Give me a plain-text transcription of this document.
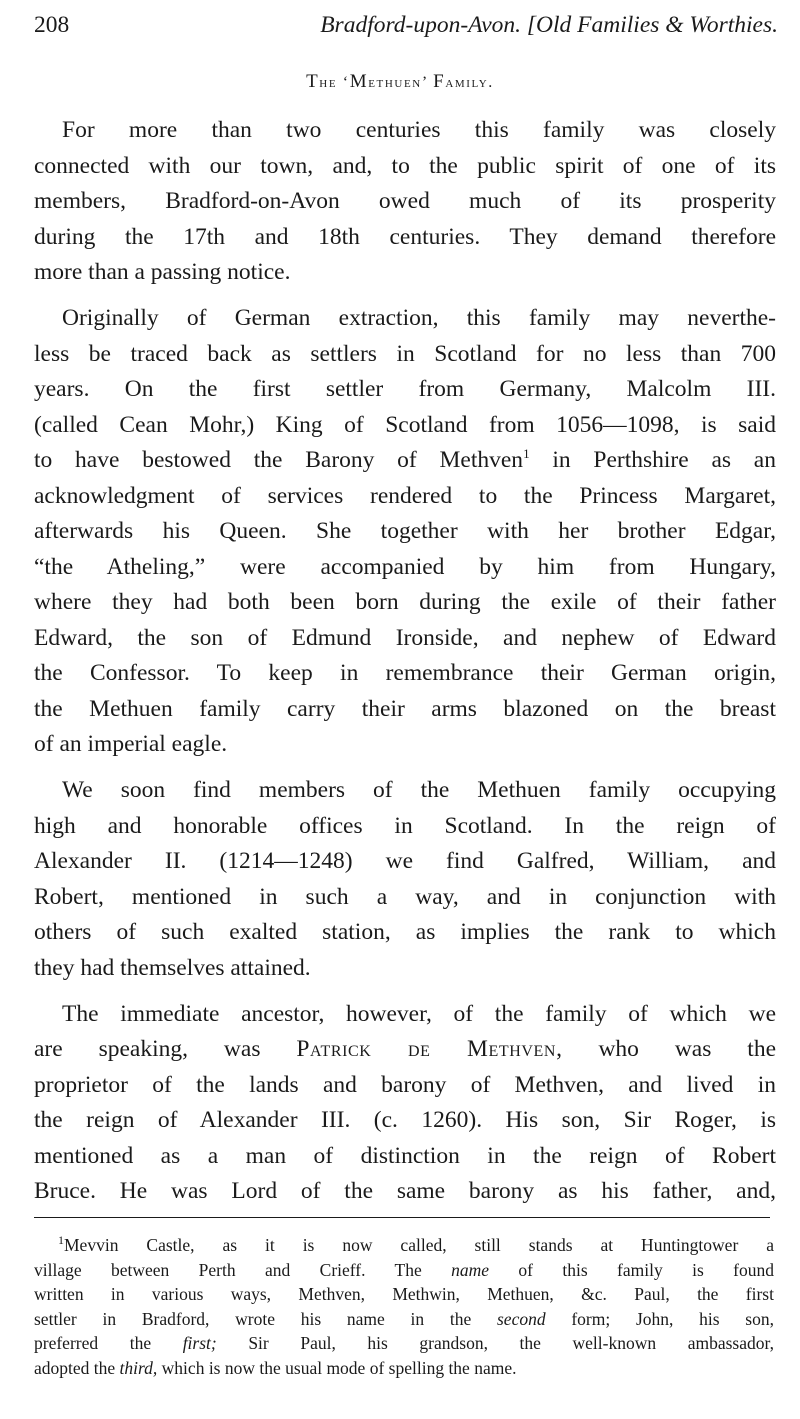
208	Bradford-upon-Avon. [Old Families & Worthies.
The ‘Methuen’ Family.
For more than two centuries this family was closely
connected with our town, and, to the public spirit of one of its
members, Bradford-on-Avon owed much of its prosperity
during the 17th and 18th centuries. They demand therefore
more than a passing notice.
Originally of German extraction, this family may neverthe-
less be traced back as settlers in Scotland for no less than 700
years. On the first settler from Germany, Malcolm III.
(called Cean Mohr,) King of Scotland from 1056—1098, is said
to have bestowed the Barony of Methven$^1$ in Perthshire as an
acknowledgment of services rendered to the Princess Margaret,
afterwards his Queen. She together with her brother Edgar,
“the Atheling,” were accompanied by him from Hungary,
where they had both been born during the exile of their father
Edward, the son of Edmund Ironside, and nephew of Edward
the Confessor. To keep in remembrance their German origin,
the Methuen family carry their arms blazoned on the breast
of an imperial eagle.
We soon find members of the Methuen family occupying
high and honorable offices in Scotland. In the reign of
Alexander II. (1214—1248) we find Galfred, William, and
Robert, mentioned in such a way, and in conjunction with
others of such exalted station, as implies the rank to which
they had themselves attained.
The immediate ancestor, however, of the family of which we
are speaking, was Patrick de Methven, who was the
proprietor of the lands and barony of Methven, and lived in
the reign of Alexander III. (c. 1260). His son, Sir Roger, is
mentioned as a man of distinction in the reign of Robert
Bruce. He was Lord of the same barony as his father, and,
$^1$Mevvin Castle, as it is now called, still stands at Huntingtower a
village between Perth and Crieff. The name of this family is found
written in various ways, Methven, Methwin, Methuen, &c. Paul, the first
settler in Bradford, wrote his name in the second form; John, his son,
preferred the first; Sir Paul, his grandson, the well-known ambassador,
adopted the third, which is now the usual mode of spelling the name.
